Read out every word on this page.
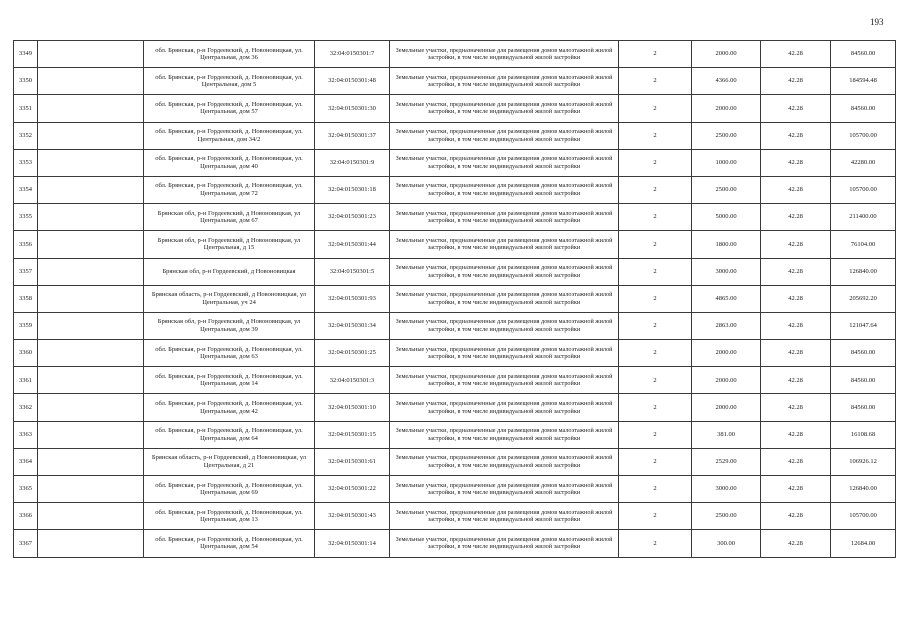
193
3349		обл. Брянская, р-н Гордеевский, д. Новоновицкая, ул. Центральная, дом 36	32:04:0150301:7	Земельные участки, предназначенные для размещения домов малоэтажной жилой застройки, в том числе индивидуальной жилой застройки	2	2000.00	42.28	84560.00
3350		обл. Брянская, р-н Гордеевский, д. Новоновицкая, ул. Центральная, дом 5	32:04:0150301:48	Земельные участки, предназначенные для размещения домов малоэтажной жилой застройки, в том числе индивидуальной жилой застройки	2	4366.00	42.28	184594.48
3351		обл. Брянская, р-н Гордеевский, д. Новоновицкая, ул. Центральная, дом 57	32:04:0150301:30	Земельные участки, предназначенные для размещения домов малоэтажной жилой застройки, в том числе индивидуальной жилой застройки	2	2000.00	42.28	84560.00
3352		обл. Брянская, р-н Гордеевский, д. Новоновицкая, ул. Центральная, дом 34/2	32:04:0150301:37	Земельные участки, предназначенные для размещения домов малоэтажной жилой застройки, в том числе индивидуальной жилой застройки	2	2500.00	42.28	105700.00
3353		обл. Брянская, р-н Гордеевский, д. Новоновицкая, ул. Центральная, дом 40	32:04:0150301:9	Земельные участки, предназначенные для размещения домов малоэтажной жилой застройки, в том числе индивидуальной жилой застройки	2	1000.00	42.28	42280.00
3354		обл. Брянская, р-н Гордеевский, д. Новоновицкая, ул. Центральная, дом 72	32:04:0150301:18	Земельные участки, предназначенные для размещения домов малоэтажной жилой застройки, в том числе индивидуальной жилой застройки	2	2500.00	42.28	105700.00
3355		Брянская обл, р-н Гордеевский, д Новоновицкая, ул Центральная, дом 67	32:04:0150301:23	Земельные участки, предназначенные для размещения домов малоэтажной жилой застройки, в том числе индивидуальной жилой застройки	2	5000.00	42.28	211400.00
3356		Брянская обл, р-н Гордеевский, д Новоновицкая, ул Центральная, д 15	32:04:0150301:44	Земельные участки, предназначенные для размещения домов малоэтажной жилой застройки, в том числе индивидуальной жилой застройки	2	1800.00	42.28	76104.00
3357		Брянская обл, р-н Гордеевский, д Новоновицкая	32:04:0150301:5	Земельные участки, предназначенные для размещения домов малоэтажной жилой застройки, в том числе индивидуальной жилой застройки	2	3000.00	42.28	126840.00
3358		Брянская область, р-н Гордеевский, д Новоновицкая, ул Центральная, уч 24	32:04:0150301:93	Земельные участки, предназначенные для размещения домов малоэтажной жилой застройки, в том числе индивидуальной жилой застройки	2	4865.00	42.28	205692.20
3359		Брянская обл, р-н Гордеевский, д Новоновицкая, ул Центральная, дом 39	32:04:0150301:34	Земельные участки, предназначенные для размещения домов малоэтажной жилой застройки, в том числе индивидуальной жилой застройки	2	2863.00	42.28	121047.64
3360		обл. Брянская, р-н Гордеевский, д. Новоновицкая, ул. Центральная, дом 63	32:04:0150301:25	Земельные участки, предназначенные для размещения домов малоэтажной жилой застройки, в том числе индивидуальной жилой застройки	2	2000.00	42.28	84560.00
3361		обл. Брянская, р-н Гордеевский, д. Новоновицкая, ул. Центральная, дом 14	32:04:0150301:3	Земельные участки, предназначенные для размещения домов малоэтажной жилой застройки, в том числе индивидуальной жилой застройки	2	2000.00	42.28	84560.00
3362		обл. Брянская, р-н Гордеевский, д. Новоновицкая, ул. Центральная, дом 42	32:04:0150301:10	Земельные участки, предназначенные для размещения домов малоэтажной жилой застройки, в том числе индивидуальной жилой застройки	2	2000.00	42.28	84560.00
3363		обл. Брянская, р-н Гордеевский, д. Новоновицкая, ул. Центральная, дом 64	32:04:0150301:15	Земельные участки, предназначенные для размещения домов малоэтажной жилой застройки, в том числе индивидуальной жилой застройки	2	381.00	42.28	16108.68
3364		Брянская область, р-н Гордеевский, д Новоновицкая, ул Центральная, д 21	32:04:0150301:61	Земельные участки, предназначенные для размещения домов малоэтажной жилой застройки, в том числе индивидуальной жилой застройки	2	2529.00	42.28	106926.12
3365		обл. Брянская, р-н Гордеевский, д. Новоновицкая, ул. Центральная, дом 69	32:04:0150301:22	Земельные участки, предназначенные для размещения домов малоэтажной жилой застройки, в том числе индивидуальной жилой застройки	2	3000.00	42.28	126840.00
3366		обл. Брянская, р-н Гордеевский, д. Новоновицкая, ул. Центральная, дом 13	32:04:0150301:43	Земельные участки, предназначенные для размещения домов малоэтажной жилой застройки, в том числе индивидуальной жилой застройки	2	2500.00	42.28	105700.00
3367		обл. Брянская, р-н Гордеевский, д. Новоновицкая, ул. Центральная, дом 54	32:04:0150301:14	Земельные участки, предназначенные для размещения домов малоэтажной жилой застройки, в том числе индивидуальной жилой застройки	2	300.00	42.28	12684.00
